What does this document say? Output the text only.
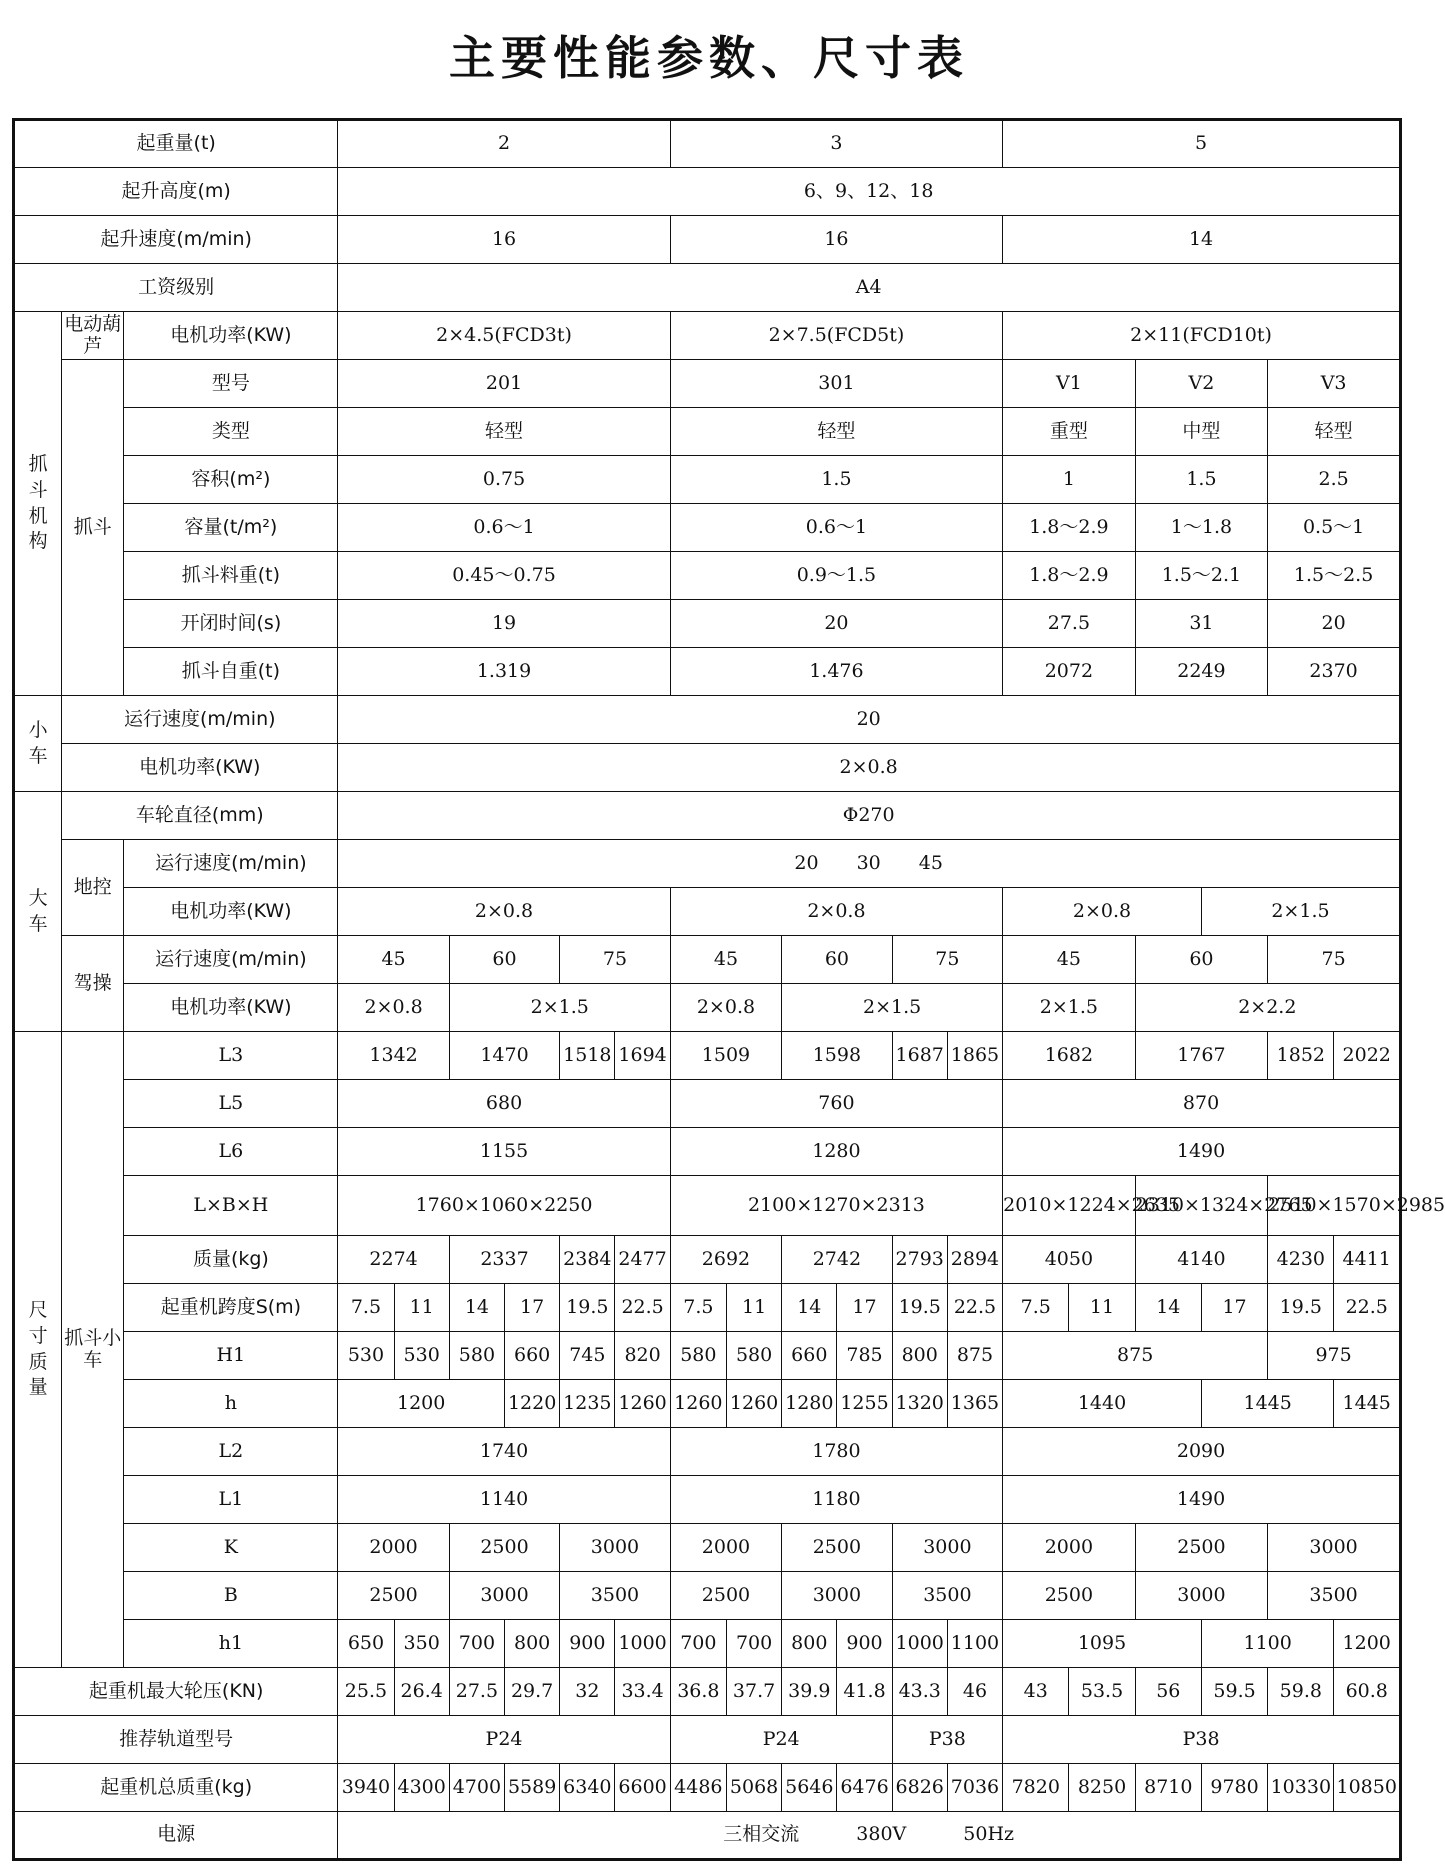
主要性能参数、尺寸表
起重量(t)			2						3						5					
起升高度(m)			6、9、12、18																	
起升速度(m/min)			16						16						14					
工资级别			A4																	
抓斗机构	电动葫芦	电机功率(KW)	2×4.5(FCD3t)						2×7.5(FCD5t)						2×11(FCD10t)					
	抓斗	型号	201						301						V1		V2		V3	
		类型	轻型						轻型						重型		中型		轻型	
		容积(m²)	0.75						1.5						1		1.5		2.5	
		容量(t/m²)	0.6～1						0.6～1						1.8～2.9		1～1.8		0.5～1	
		抓斗料重(t)	0.45～0.75						0.9～1.5						1.8～2.9		1.5～2.1		1.5～2.5	
		开闭时间(s)	19						20						27.5		31		20	
		抓斗自重(t)	1.319						1.476						2072		2249		2370	
小车	运行速度(m/min)		20																	
	电机功率(KW)		2×0.8																	
大车	车轮直径(mm)		Φ270																	
	地控	运行速度(m/min)	20　　30　　45																	
		电机功率(KW)	2×0.8						2×0.8						2×0.8			2×1.5		
	驾操	运行速度(m/min)	45		60		75		45		60		75		45		60		75	
		电机功率(KW)	2×0.8		2×1.5				2×0.8		2×1.5				2×1.5		2×2.2			
尺寸质量	抓斗小车	L3	1342		1470		1518	1694	1509		1598		1687	1865	1682		1767		1852	2022
		L5	680						760						870					
		L6	1155						1280						1490					
		L×B×H	1760×1060×2250						2100×1270×2313						2010×1224×2635		2310×1324×2765		2510×1570×2985	
		质量(kg)	2274		2337		2384	2477	2692		2742		2793	2894	4050		4140		4230	4411
		起重机跨度S(m)	7.5	11	14	17	19.5	22.5	7.5	11	14	17	19.5	22.5	7.5	11	14	17	19.5	22.5
		H1	530	530	580	660	745	820	580	580	660	785	800	875	875				975	
		h	1200			1220	1235	1260	1260	1260	1280	1255	1320	1365	1440			1445		1445
		L2	1740						1780						2090					
		L1	1140						1180						1490					
		K	2000		2500		3000		2000		2500		3000		2000		2500		3000	
		B	2500		3000		3500		2500		3000		3500		2500		3000		3500	
		h1	650	350	700	800	900	1000	700	700	800	900	1000	1100	1095			1100		1200
起重机最大轮压(KN)			25.5	26.4	27.5	29.7	32	33.4	36.8	37.7	39.9	41.8	43.3	46	43	53.5	56	59.5	59.8	60.8
推荐轨道型号			P24						P24				P38		P38					
起重机总质重(kg)			3940	4300	4700	5589	6340	6600	4486	5068	5646	6476	6826	7036	7820	8250	8710	9780	10330	10850
电源			三相交流　　　380V　　　50Hz																	
